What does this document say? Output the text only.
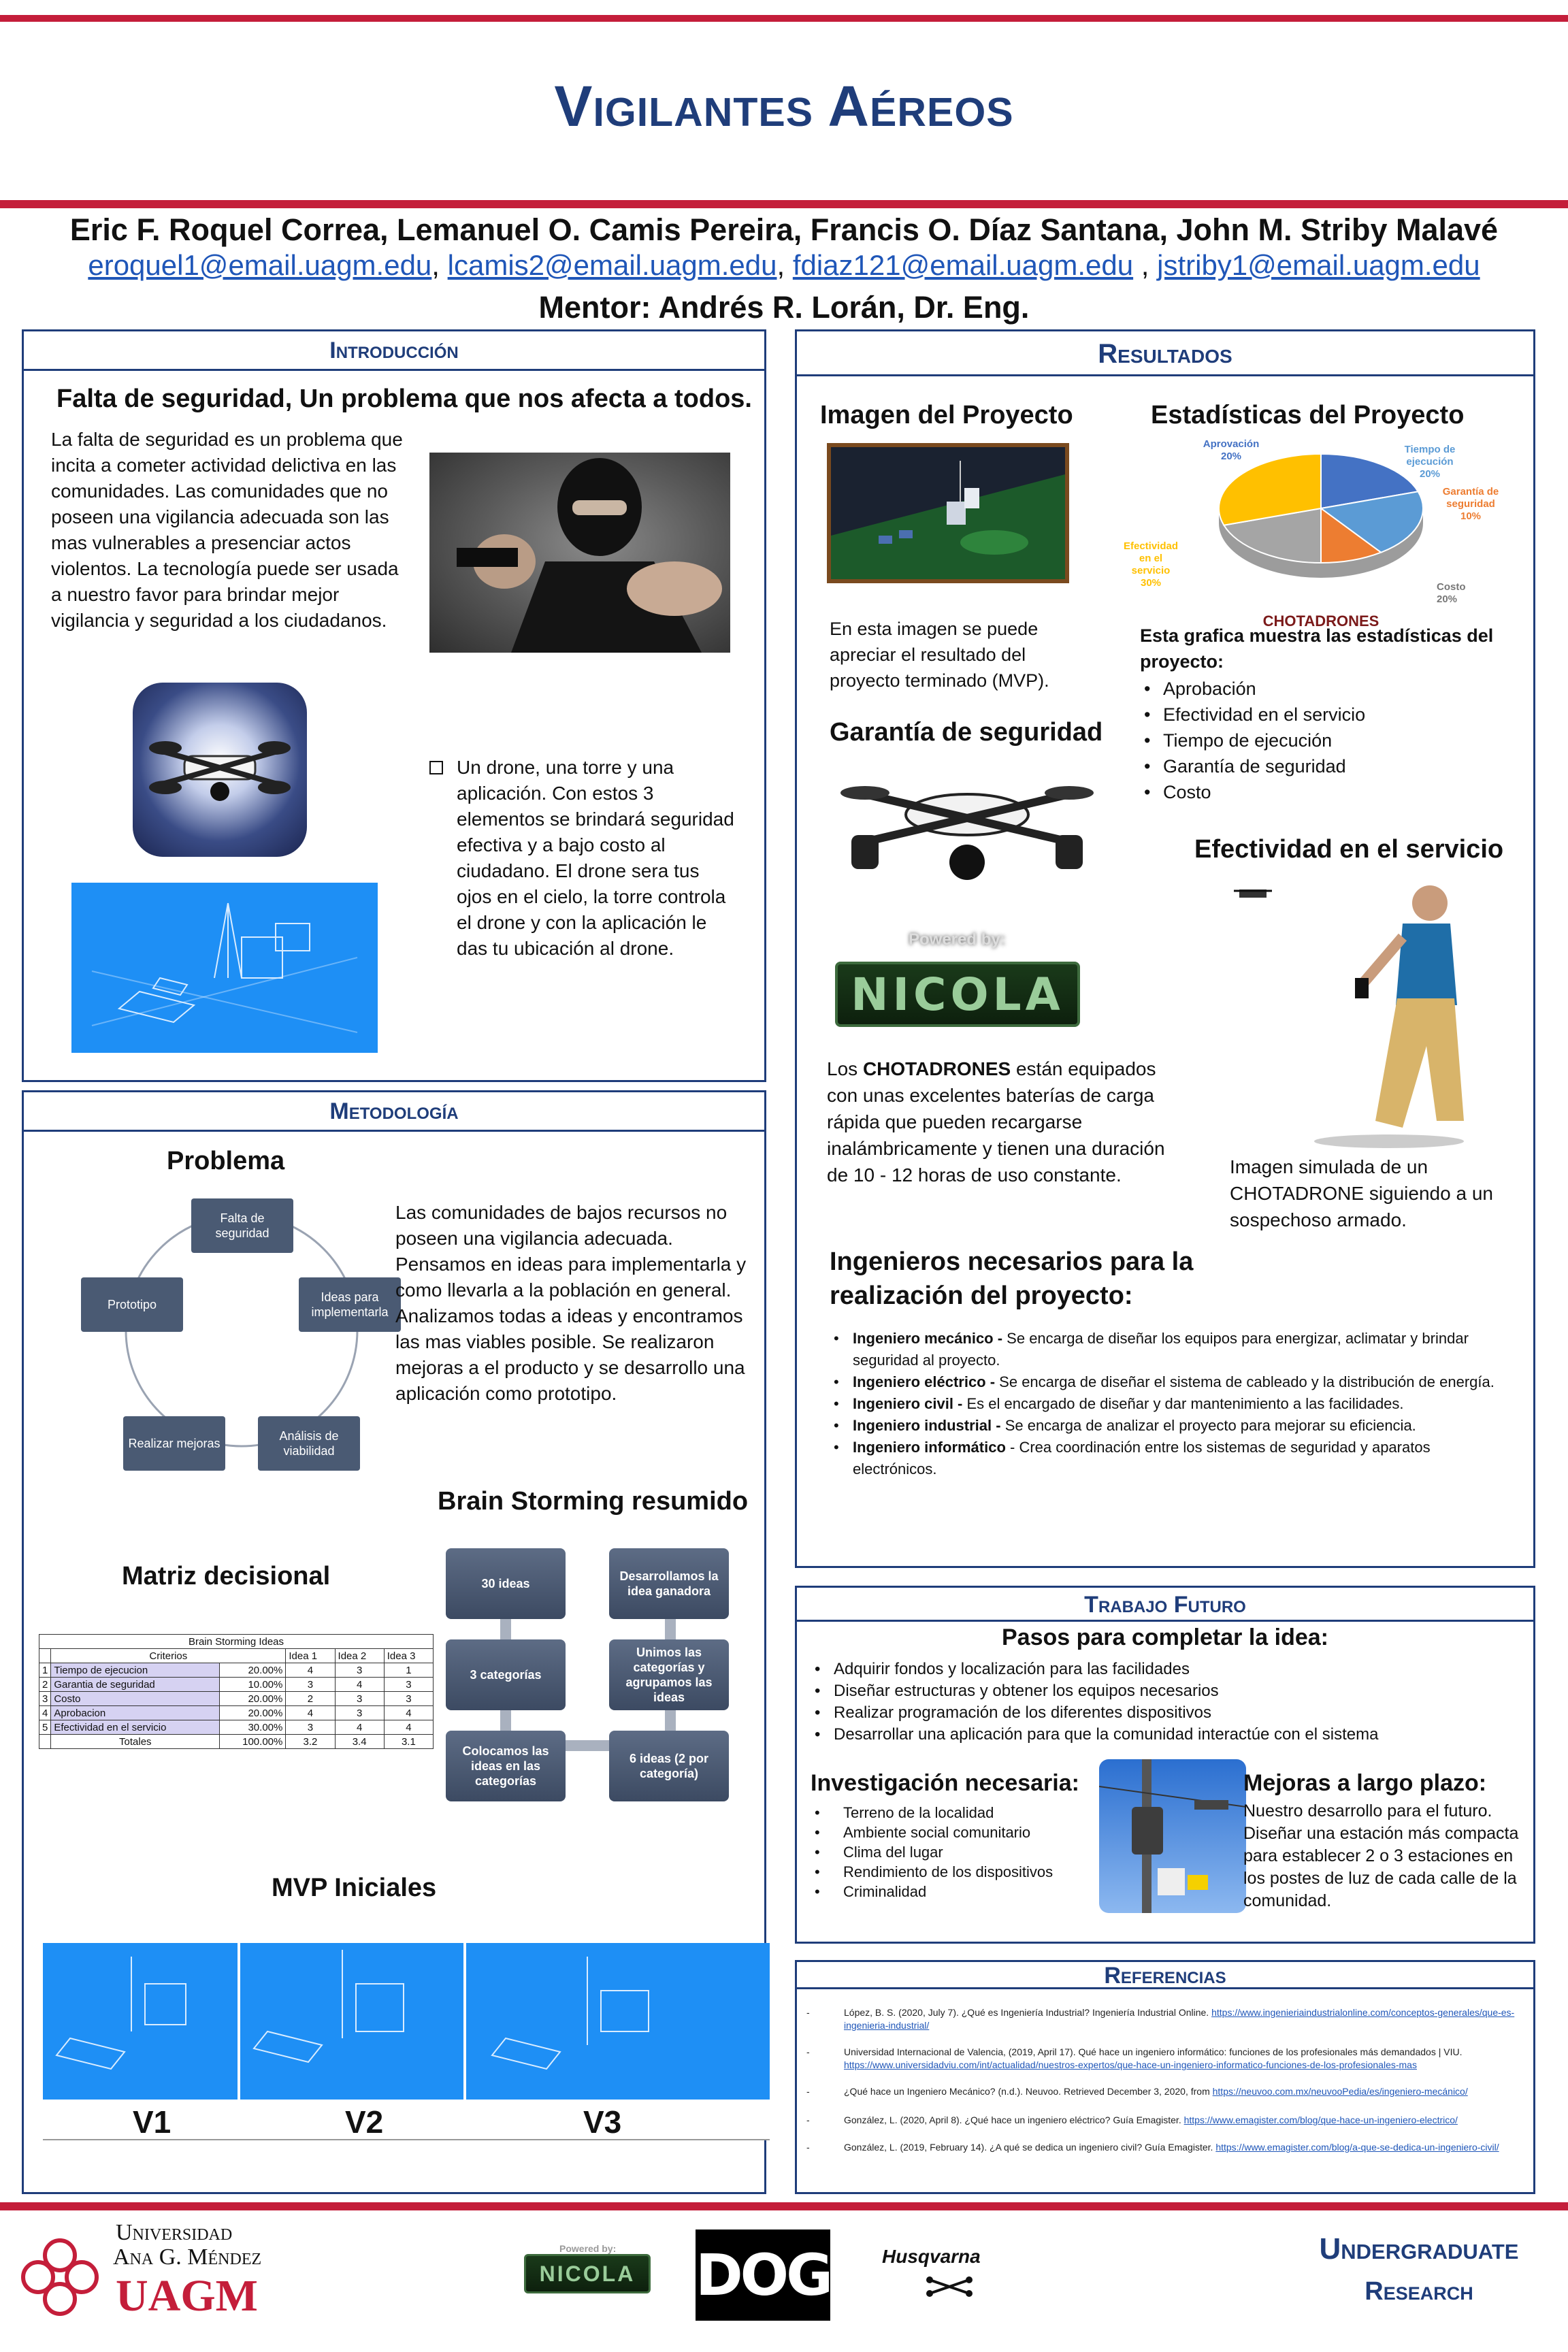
Vigilantes Aéreos
Eric F. Roquel Correa, Lemanuel O. Camis Pereira, Francis O. Díaz Santana, John M. Striby Malavé
eroquel1@email.uagm.edu, lcamis2@email.uagm.edu, fdiaz121@email.uagm.edu , jstriby1@email.uagm.edu
Mentor: Andrés R. Lorán, Dr. Eng.
Introducción
Falta de seguridad, Un problema que nos afecta a todos.
La falta de seguridad es un problema que incita a cometer actividad delictiva en las comunidades. Las comunidades que no poseen una vigilancia adecuada son las mas vulnerables a presenciar actos violentos. La tecnología puede ser usada a nuestro favor para brindar mejor vigilancia y seguridad a los ciudadanos.
Un drone, una torre y una aplicación. Con estos 3 elementos se brindará seguridad efectiva y a bajo costo al ciudadano. El drone sera tus ojos en el cielo, la torre controla el drone y con la aplicación le das tu ubicación al drone.
Metodología
Problema
Falta de seguridad
Ideas para implementarla
Análisis de viabilidad
Realizar mejoras
Prototipo
Las comunidades de bajos recursos no poseen una vigilancia adecuada. Pensamos en ideas para implementarla y como llevarla a la población en general. Analizamos todas a ideas y encontramos las mas viables posible. Se realizaron mejoras a el producto y se desarrollo una aplicación como prototipo.
Brain Storming resumido
30 ideas
3 categorías
Colocamos las ideas en las categorías
6 ideas (2 por categoría)
Unimos las categorías y agrupamos las ideas
Desarrollamos la idea ganadora
Matriz decisional
Brain Storming Ideas					
	Criterios		Idea 1	Idea 2	Idea 3
1	Tiempo de ejecucion	20.00%	4	3	1
2	Garantia de seguridad	10.00%	3	4	3
3	Costo	20.00%	2	3	3
4	Aprobacion	20.00%	4	3	4
5	Efectividad en el servicio	30.00%	3	4	4
	Totales	100.00%	3.2	3.4	3.1
MVP Iniciales
V1	V2	V3
Resultados
Imagen del Proyecto
En esta imagen se puede apreciar el resultado del proyecto terminado (MVP).
Estadísticas del Proyecto
Aprovación 20%
Tiempo de ejecución 20%
Garantía de seguridad 10%
Costo 20%
Efectividad en el servicio 30%
CHOTADRONES
Esta grafica muestra las estadísticas del proyecto:
• Aprobación
• Efectividad en el servicio
• Tiempo de ejecución
• Garantía de seguridad
• Costo
Garantía de seguridad
Powered by:
NICOLA
Los CHOTADRONES están equipados con unas excelentes baterías de carga rápida que pueden recargarse inalámbricamente y tienen una duración de 10 - 12 horas de uso constante.
Efectividad en el servicio
Imagen simulada de un CHOTADRONE siguiendo a un sospechoso armado.
Ingenieros necesarios para la realización del proyecto:
• Ingeniero mecánico - Se encarga de diseñar los equipos para energizar, aclimatar y brindar seguridad al proyecto.
• Ingeniero eléctrico - Se encarga de diseñar el sistema de cableado y la distribución de energía.
• Ingeniero civil - Es el encargado de diseñar y dar mantenimiento a las facilidades.
• Ingeniero industrial - Se encarga de analizar el proyecto para mejorar su eficiencia.
• Ingeniero informático - Crea coordinación entre los sistemas de seguridad y aparatos electrónicos.
Trabajo Futuro
Pasos para completar la idea:
• Adquirir fondos y localización para las facilidades
• Diseñar estructuras y obtener los equipos necesarios
• Realizar programación de los diferentes dispositivos
• Desarrollar una aplicación para que la comunidad interactúe con el sistema
Investigación necesaria:
• Terreno de la localidad
• Ambiente social comunitario
• Clima del lugar
• Rendimiento de los dispositivos
• Criminalidad
Mejoras a largo plazo:
Nuestro desarrollo para el futuro. Diseñar una estación más compacta para establecer 2 o 3 estaciones en los postes de luz de cada calle de la comunidad.
Referencias
-	López, B. S. (2020, July 7). ¿Qué es Ingeniería Industrial? Ingeniería Industrial Online. https://www.ingenieriaindustrialonline.com/conceptos-generales/que-es-ingenieria-industrial/
-	Universidad Internacional de Valencia, (2019, April 17). Qué hace un ingeniero informático: funciones de los profesionales más demandados | VIU. https://www.universidadviu.com/int/actualidad/nuestros-expertos/que-hace-un-ingeniero-informatico-funciones-de-los-profesionales-mas
-	¿Qué hace un Ingeniero Mecánico? (n.d.). Neuvoo. Retrieved December 3, 2020, from https://neuvoo.com.mx/neuvooPedia/es/ingeniero-mecánico/
-	González, L. (2020, April 8). ¿Qué hace un ingeniero eléctrico? Guía Emagister. https://www.emagister.com/blog/que-hace-un-ingeniero-electrico/
-	González, L. (2019, February 14). ¿A qué se dedica un ingeniero civil? Guía Emagister. https://www.emagister.com/blog/a-que-se-dedica-un-ingeniero-civil/
Universidad
Ana G. Méndez
UAGM
Powered by:
NICOLA DOG	Husqvarna	Undergraduate
Research
